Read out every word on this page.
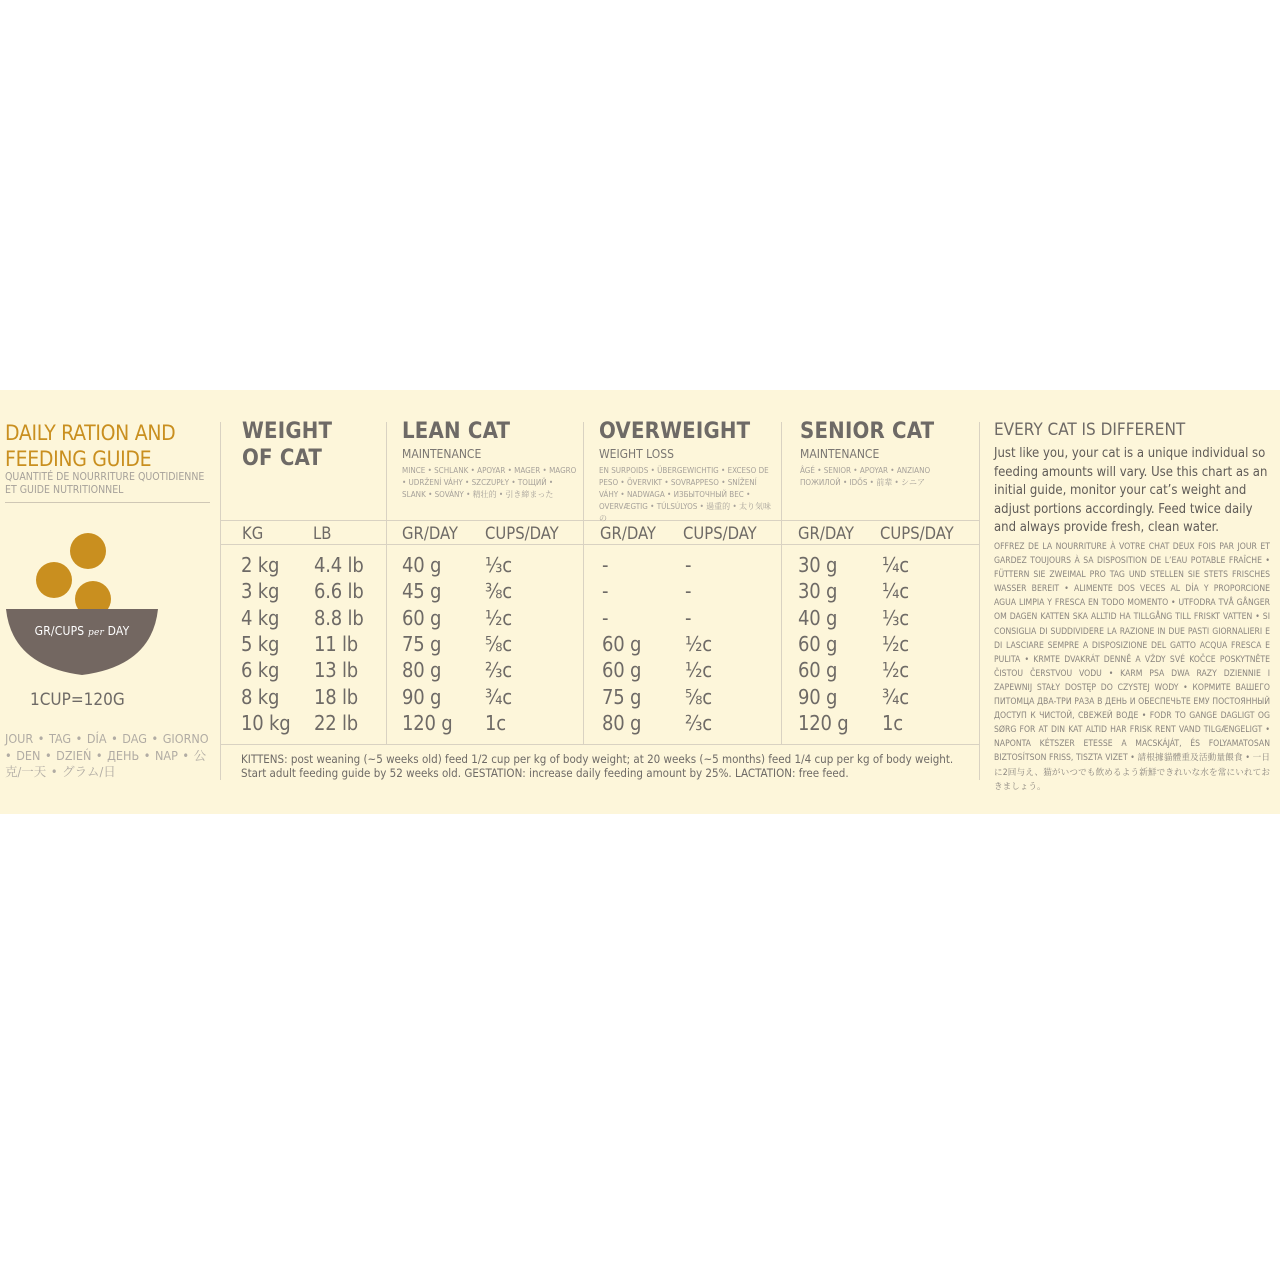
DAILY RATION AND FEEDING GUIDE
QUANTITÉ DE NOURRITURE QUOTIDIENNE ET GUIDE NUTRITIONNEL
GR/CUPS per DAY
1CUP=120G
JOUR • TAG • DÍA • DAG • GIORNO • DEN • DZIEŃ • ДЕНЬ • NAP • 公克/一天 • グラム/日
WEIGHT OF CAT
LEAN CAT
MAINTENANCE
MINCE • SCHLANK • APOYAR • MAGER • MAGRO • UDRŽENÍ VÁHY • SZCZUPŁY • ТОЩИЙ • SLANK • SOVÁNY • 精壮的 • 引き締まった
OVERWEIGHT
WEIGHT LOSS
EN SURPOIDS • ÜBERGEWICHTIG • EXCESO DE PESO • ÖVERVIKT • SOVRAPPESO • SNÍŽENÍ VÁHY • NADWAGA • ИЗБЫТОЧНЫЙ ВЕС • OVERVÆGTIG • TÚLSÚLYOS • 過重的 • 太り気味の
SENIOR CAT
MAINTENANCE
ÂGÉ • SENIOR • APOYAR • ANZIANO ПОЖИЛОЙ • IDŐS • 前辈 • シニア
KG	LB	GR/DAY CUPS/DAY	GR/DAY CUPS/DAY	GR/DAY CUPS/DAY
2 kg 4.4 lb 40 g ⅓c	-	-	30 g ¼c
3 kg 6.6 lb 45 g ⅜c	-	-	30 g ¼c
4 kg 8.8 lb 60 g ½c	-	-	40 g ⅓c
5 kg 11 lb 75 g ⅝c	60 g ½c	60 g ½c
6 kg 13 lb 80 g ⅔c	60 g ½c	60 g ½c
8 kg 18 lb 90 g ¾c	75 g ⅝c	90 g ¾c
10 kg 22 lb 120 g 1c	80 g ⅔c	120 g 1c
KITTENS: post weaning (~5 weeks old) feed 1/2 cup per kg of body weight; at 20 weeks (~5 months) feed 1/4 cup per kg of body weight. Start adult feeding guide by 52 weeks old. GESTATION: increase daily feeding amount by 25%. LACTATION: free feed.
EVERY CAT IS DIFFERENT
Just like you, your cat is a unique individual so feeding amounts will vary. Use this chart as an initial guide, monitor your cat’s weight and adjust portions accordingly. Feed twice daily and always provide fresh, clean water.
OFFREZ DE LA NOURRITURE À VOTRE CHAT DEUX FOIS PAR JOUR ET GARDEZ TOUJOURS À SA DISPOSITION DE L’EAU POTABLE FRAÎCHE • FÜTTERN SIE ZWEIMAL PRO TAG UND STELLEN SIE STETS FRISCHES WASSER BEREIT • ALIMENTE DOS VECES AL DÍA Y PROPORCIONE AGUA LIMPIA Y FRESCA EN TODO MOMENTO • UTFODRA TVÅ GÅNGER OM DAGEN KATTEN SKA ALLTID HA TILLGÅNG TILL FRISKT VATTEN • SI CONSIGLIA DI SUDDIVIDERE LA RAZIONE IN DUE PASTI GIORNALIERI E DI LASCIARE SEMPRE A DISPOSIZIONE DEL GATTO ACQUA FRESCA E PULITA • KRMTE DVAKRÁT DENNĚ A VŽDY SVÉ KOČCE POSKYTNĚTE ČISTOU ČERSTVOU VODU • KARM PSA DWA RAZY DZIENNIE I ZAPEWNIJ STAŁY DOSTĘP DO CZYSTEJ WODY • КОРМИТЕ ВАШЕГО ПИТОМЦА ДВА-ТРИ РАЗА В ДЕНЬ И ОБЕСПЕЧЬТЕ ЕМУ ПОСТОЯННЫЙ ДОСТУП К ЧИСТОЙ, СВЕЖЕЙ ВОДЕ • FODR TO GANGE DAGLIGT OG SØRG FOR AT DIN KAT ALTID HAR FRISK RENT VAND TILGÆNGELIGT • NAPONTA KÉTSZER ETESSE A MACSKÁJÁT, ÉS FOLYAMATOSAN BIZTOSÍTSON FRISS, TISZTA VIZET • 請根據貓體重及活動量餵食 • 一日に2回与え、猫がいつでも飲めるよう新鮮できれいな水を常にいれておきましょう。
